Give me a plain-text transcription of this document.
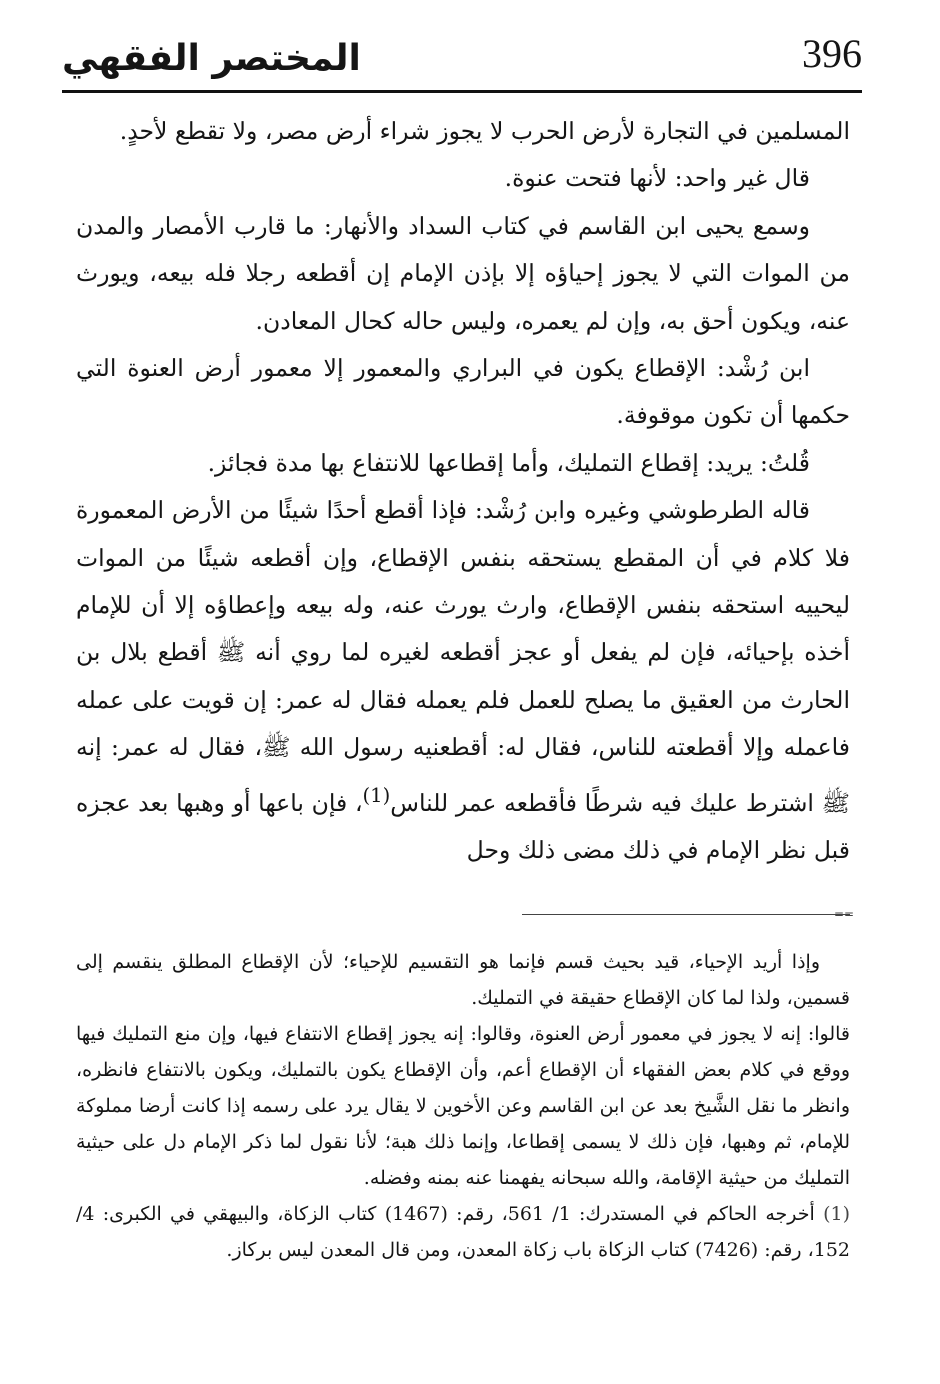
المختصر الفقهي	396

المسلمين في التجارة لأرض الحرب لا يجوز شراء أرض مصر، ولا تقطع لأحدٍ.

قال غير واحد: لأنها فتحت عنوة.

وسمع يحيى ابن القاسم في كتاب السداد والأنهار: ما قارب الأمصار والمدن من الموات التي لا يجوز إحياؤه إلا بإذن الإمام إن أقطعه رجلا فله بيعه، ويورث عنه، ويكون أحق به، وإن لم يعمره، وليس حاله كحال المعادن.

ابن رُشْد: الإقطاع يكون في البراري والمعمور إلا معمور أرض العنوة التي حكمها أن تكون موقوفة.

قُلتُ: يريد: إقطاع التمليك، وأما إقطاعها للانتفاع بها مدة فجائز.

قاله الطرطوشي وغيره وابن رُشْد: فإذا أقطع أحدًا شيئًا من الأرض المعمورة فلا كلام في أن المقطع يستحقه بنفس الإقطاع، وإن أقطعه شيئًا من الموات ليحييه استحقه بنفس الإقطاع، وارث يورث عنه، وله بيعه وإعطاؤه إلا أن للإمام أخذه بإحيائه، فإن لم يفعل أو عجز أقطعه لغيره لما روي أنه ﷺ أقطع بلال بن الحارث من العقيق ما يصلح للعمل فلم يعمله فقال له عمر: إن قويت على عمله فاعمله وإلا أقطعته للناس، فقال له: أقطعنيه رسول الله ﷺ، فقال له عمر: إنه ﷺ اشترط عليك فيه شرطًا فأقطعه عمر للناس$^{(1)}$، فإن باعها أو وهبها بعد عجزه قبل نظر الإمام في ذلك مضى ذلك وحل

==

وإذا أريد الإحياء، قيد بحيث قسم فإنما هو التقسيم للإحياء؛ لأن الإقطاع المطلق ينقسم إلى قسمين، ولذا لما كان الإقطاع حقيقة في التمليك.

قالوا: إنه لا يجوز في معمور أرض العنوة، وقالوا: إنه يجوز إقطاع الانتفاع فيها، وإن منع التمليك فيها ووقع في كلام بعض الفقهاء أن الإقطاع أعم، وأن الإقطاع يكون بالتمليك، ويكون بالانتفاع فانظره، وانظر ما نقل الشَّيخ بعد عن ابن القاسم وعن الأخوين لا يقال يرد على رسمه إذا كانت أرضا مملوكة للإمام، ثم وهبها، فإن ذلك لا يسمى إقطاعا، وإنما ذلك هبة؛ لأنا نقول لما ذكر الإمام دل على حيثية التمليك من حيثية الإقامة، والله سبحانه يفهمنا عنه بمنه وفضله.

(1) أخرجه الحاكم في المستدرك: 1/ 561، رقم: (1467) كتاب الزكاة، والبيهقي في الكبرى: 4/ 152، رقم: (7426) كتاب الزكاة باب زكاة المعدن، ومن قال المعدن ليس بركاز.
